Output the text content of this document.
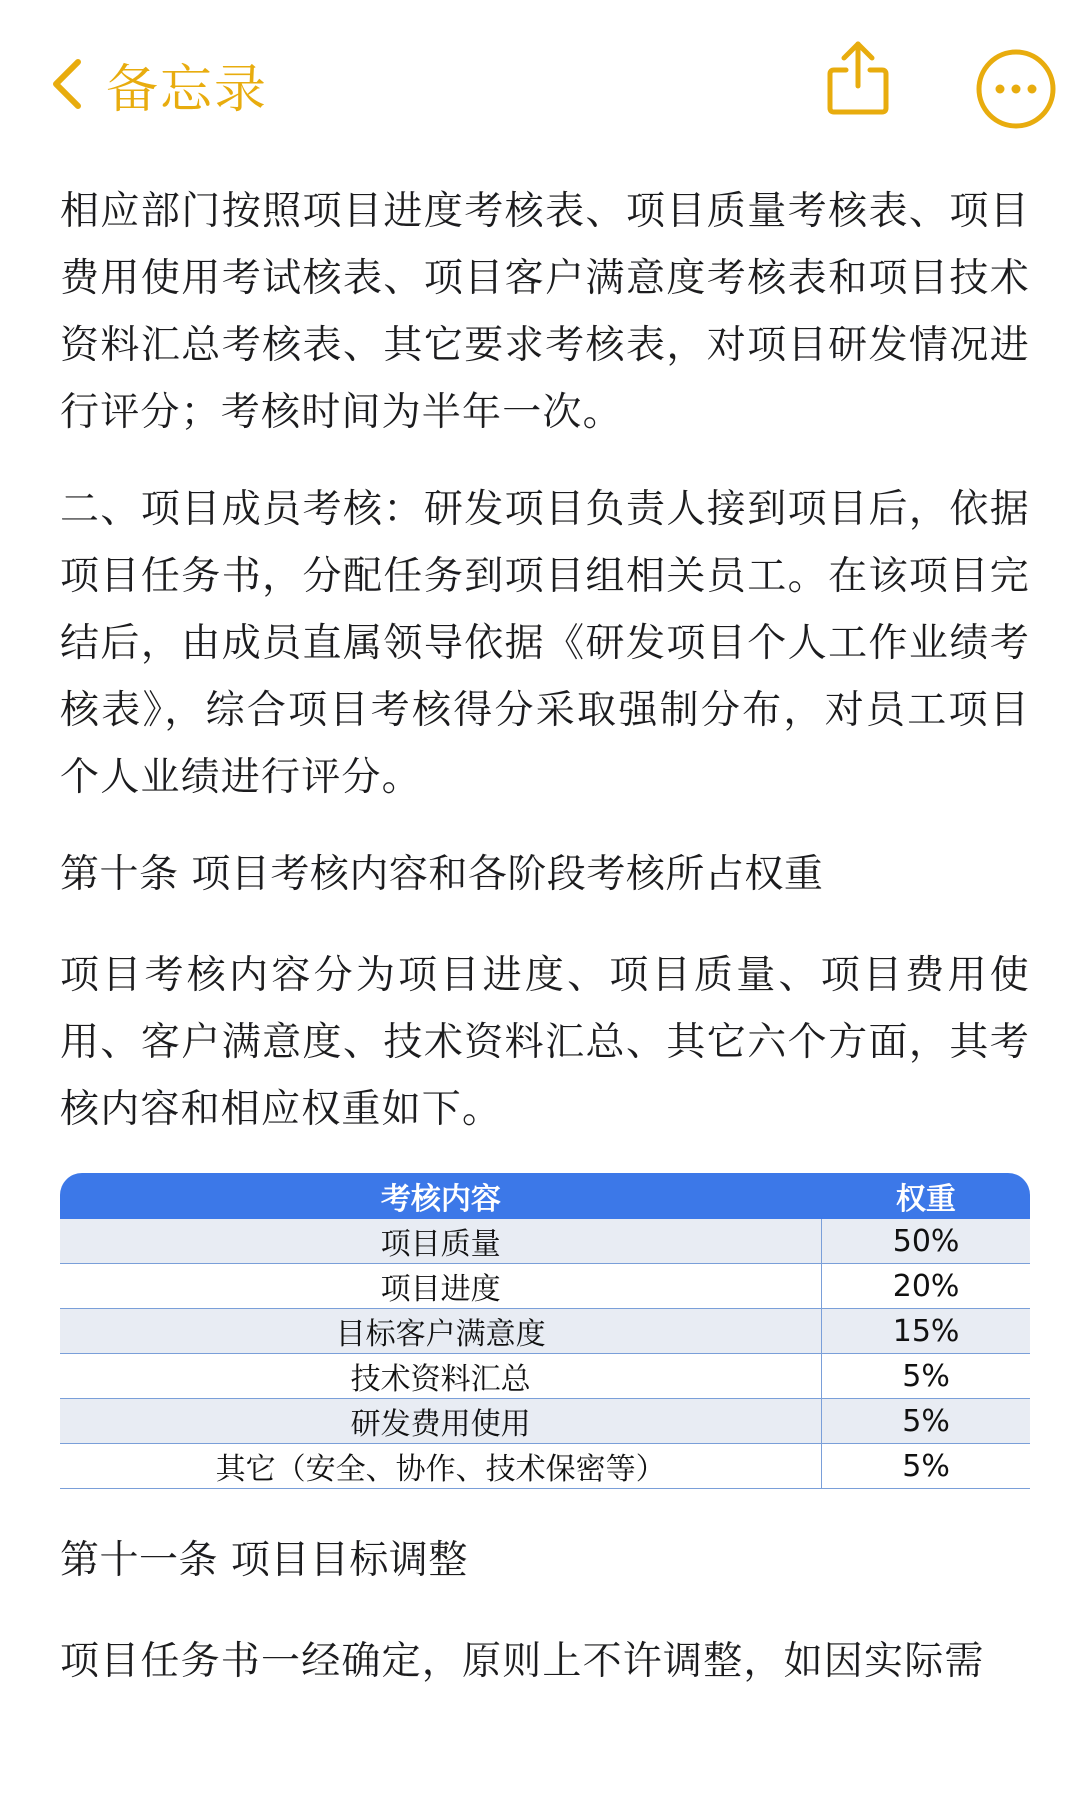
备忘录

相应部门按照项目进度考核表、项目质量考核表、项目费用使用考试核表、项目客户满意度考核表和项目技术资料汇总考核表、其它要求考核表，对项目研发情况进行评分；考核时间为半年一次。

二、项目成员考核：研发项目负责人接到项目后，依据项目任务书，分配任务到项目组相关员工。在该项目完结后，由成员直属领导依据《研发项目个人工作业绩考核表》，综合项目考核得分采取强制分布，对员工项目个人业绩进行评分。

第十条 项目考核内容和各阶段考核所占权重

项目考核内容分为项目进度、项目质量、项目费用使用、客户满意度、技术资料汇总、其它六个方面，其考核内容和相应权重如下。

考核内容	权重
项目质量	50%
项目进度	20%
目标客户满意度	15%
技术资料汇总	5%
研发费用使用	5%
其它（安全、协作、技术保密等）	5%

第十一条 项目目标调整

项目任务书一经确定，原则上不许调整，如因实际需
